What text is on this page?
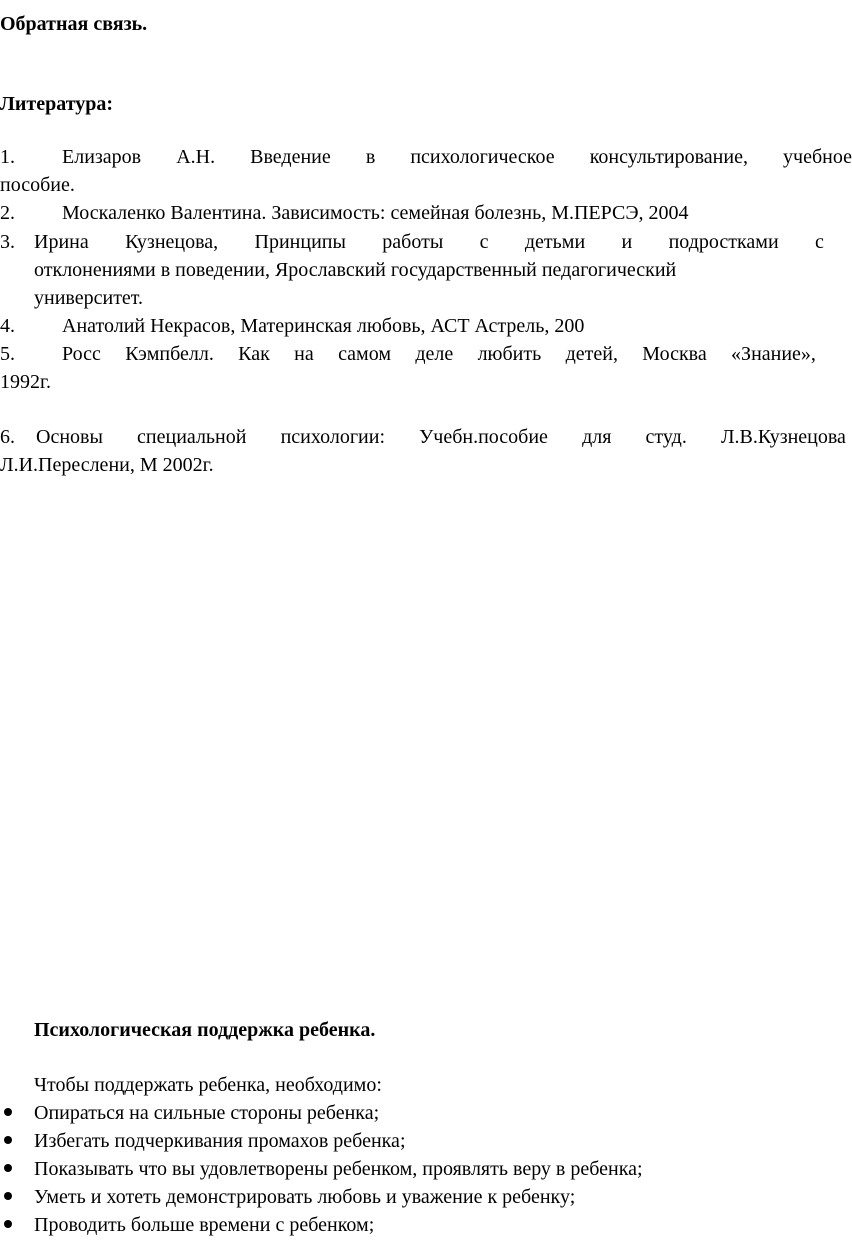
Обратная связь.
Литература:
1. Елизаров А.Н. Введение в психологическое консультирование, учебное
пособие.
2. Москаленко Валентина. Зависимость: семейная болезнь, М.ПЕРСЭ, 2004
3. Ирина Кузнецова, Принципы работы с детьми и подростками с
отклонениями в поведении, Ярославский государственный педагогический
университет.
4. Анатолий Некрасов, Материнская любовь, АСТ Астрель, 200
5. Росс Кэмпбелл. Как на самом деле любить детей, Москва «Знание»,
1992г.
6. Основы специальной психологии: Учебн.пособие для студ. Л.В.Кузнецова
Л.И.Переслени, М 2002г.
Психологическая поддержка ребенка.
Чтобы поддержать ребенка, необходимо:
Опираться на сильные стороны ребенка;
Избегать подчеркивания промахов ребенка;
Показывать что вы удовлетворены ребенком, проявлять веру в ребенка;
Уметь и хотеть демонстрировать любовь и уважение к ребенку;
Проводить больше времени с ребенком;
